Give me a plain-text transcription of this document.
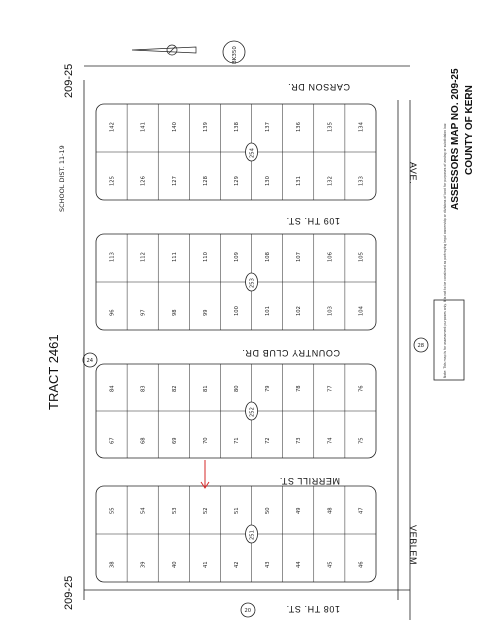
209-25
209-25
TRACT 2461
SCHOOL DIST. 11-19	ASSESSORS MAP NO. 209-25 COUNTY OF KERN
BK350
142	141	140	139	138	137	136	135	134
125	126	127	128	129	130	131	132	133
254
113	112	111	110	109	108	107	106	105
96	97	98	99	100	101	102	103	104
253
84	83	82	81	80	79	78	77	76
67	68	69	70	71	72	73	74	75
252
55	54	53	52	51	50	49	48	47
38	39	40	41	42	43	44	45	46
251
CARSON DR.
109 TH. ST.
COUNTRY CLUB DR.
MERRILL ST.
108 TH. ST.
AVE.
VEBLEM
24
28
20
Note: This map is for assessment purposes only. It is not to be construed as portraying legal ownership or divisions of land for purposes of zoning or subdivision law.
